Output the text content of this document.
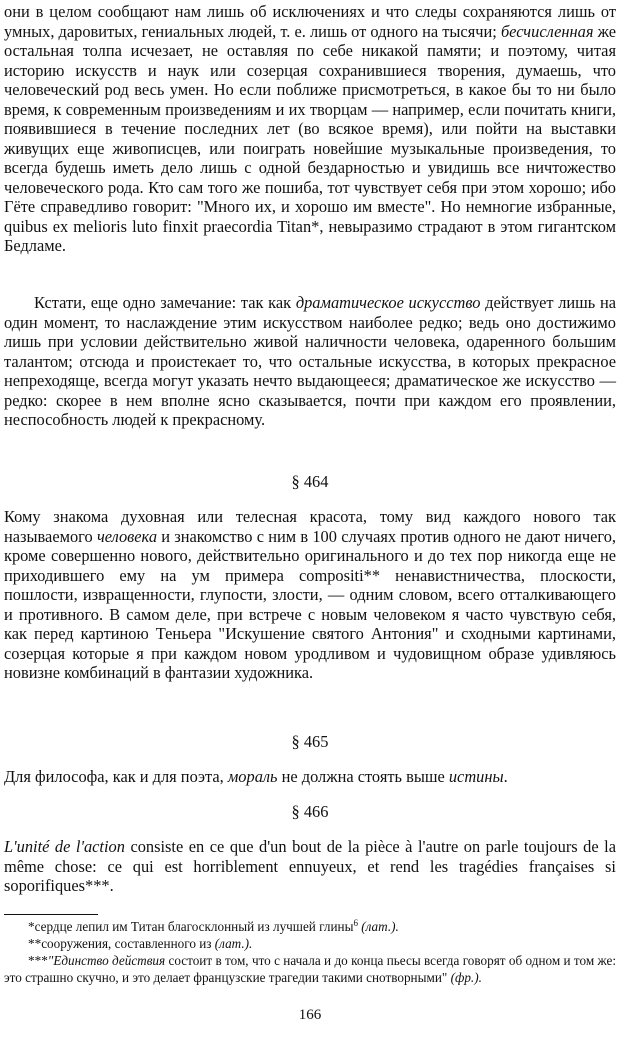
они в целом сообщают нам лишь об исключениях и что следы сохраняются лишь от умных, даровитых, гениальных людей, т. е. лишь от одного на тысячи; бесчисленная же остальная толпа исчезает, не оставляя по себе никакой памяти; и поэтому, читая историю искусств и наук или созерцая сохранившиеся творения, думаешь, что человеческий род весь умен. Но если поближе присмотреться, в какое бы то ни было время, к современным произведениям и их творцам — например, если почитать книги, появившиеся в течение последних лет (во всякое время), или пойти на выставки живущих еще живописцев, или поиграть новейшие музыкальные произведения, то всегда будешь иметь дело лишь с одной бездарностью и увидишь все ничтожество человеческого рода. Кто сам того же пошиба, тот чувствует себя при этом хорошо; ибо Гёте справедливо говорит: "Много их, и хорошо им вместе". Но немногие избранные, quibus ex melioris luto finxit praecordia Titan*, невыразимо страдают в этом гигантском Бедламе.

Кстати, еще одно замечание: так как драматическое искусство действует лишь на один момент, то наслаждение этим искусством наиболее редко; ведь оно достижимо лишь при условии действительно живой наличности человека, одаренного большим талантом; отсюда и проистекает то, что остальные искусства, в которых прекрасное непреходяще, всегда могут указать нечто выдающееся; драматическое же искусство — редко: скорее в нем вполне ясно сказывается, почти при каждом его проявлении, неспособность людей к прекрасному.

§ 464

Кому знакома духовная или телесная красота, тому вид каждого нового так называемого человека и знакомство с ним в 100 случаях против одного не дают ничего, кроме совершенно нового, действительно оригинального и до тех пор никогда еще не приходившего ему на ум примера compositi** ненавистничества, плоскости, пошлости, извращенности, глупости, злости, — одним словом, всего отталкивающего и противного. В самом деле, при встрече с новым человеком я часто чувствую себя, как перед картиною Теньера "Искушение святого Антония" и сходными картинами, созерцая которые я при каждом новом уродливом и чудовищном образе удивляюсь новизне комбинаций в фантазии художника.

§ 465

Для философа, как и для поэта, мораль не должна стоять выше истины.

§ 466

L'unité de l'action consiste en ce que d'un bout de la pièce à l'autre on parle toujours de la même chose: ce qui est horriblement ennuyeux, et rend les tragédies françaises si soporifiques***.

*сердце лепил им Титан благосклонный из лучшей глины$^6$ (лат.).

**сооружения, составленного из (лат.).

***"Единство действия состоит в том, что с начала и до конца пьесы всегда говорят об одном и том же: это страшно скучно, и это делает французские трагедии такими снотворными" (фр.).

166
